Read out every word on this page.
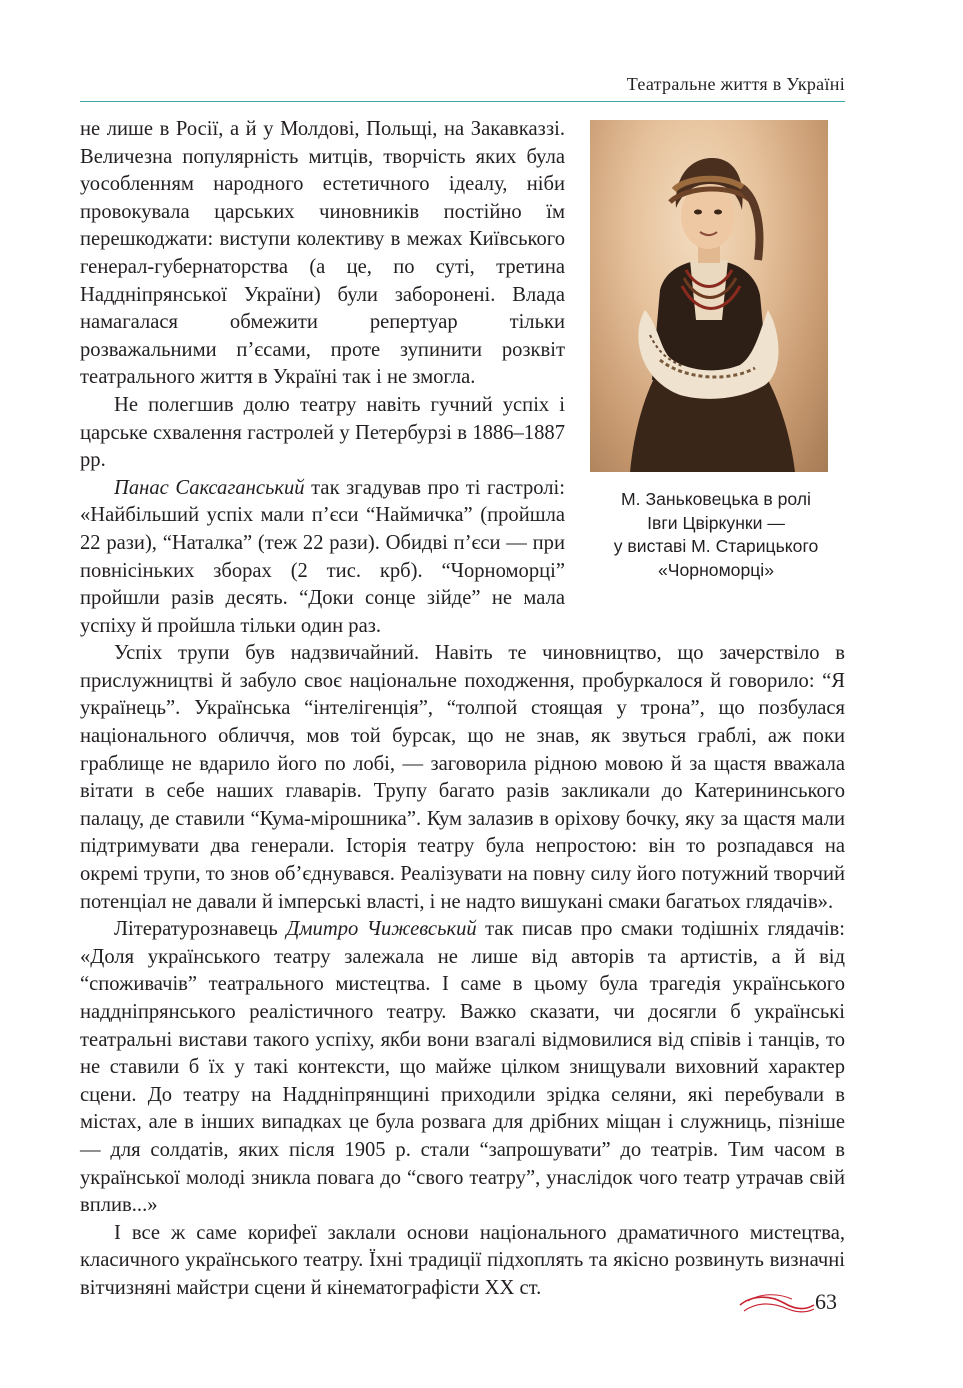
Театральне життя в Україні
М. Заньковецька в ролі
Івги Цвіркунки —
у виставі М. Старицького
«Чорноморці»

не лише в Росії, а й у Молдові, Польщі, на Закавказзі. Величезна популярність митців, творчість яких була уособленням народного естетичного ідеалу, ніби провокувала царських чиновників постійно їм перешкоджати: виступи колективу в межах Київського генерал-губернаторства (а це, по суті, третина Наддніпрянської України) були заборонені. Влада намагалася обмежити репертуар тільки розважальними п’єсами, проте зупинити розквіт театрального життя в Україні так і не змогла.

Не полегшив долю театру навіть гучний успіх і царське схвалення гастролей у Петербурзі в 1886–1887 рр.

Панас Саксаганський так згадував про ті гастролі: «Найбільший успіх мали п’єси “Наймичка” (пройшла 22 рази), “Наталка” (теж 22 рази). Обидві п’єси — при повнісіньких зборах (2 тис. крб). “Чорноморці” пройшли разів десять. “Доки сонце зійде” не мала успіху й пройшла тільки один раз.

Успіх трупи був надзвичайний. Навіть те чиновництво, що зачерствіло в прислужництві й забуло своє національне походження, пробуркалося й говорило: “Я українець”. Українська “інтелігенція”, “толпой стоящая у трона”, що позбулася національного обличчя, мов той бурсак, що не знав, як звуться граблі, аж поки граблище не вдарило його по лобі, — заговорила рідною мовою й за щастя вважала вітати в себе наших главарів. Трупу багато разів закликали до Катерининського палацу, де ставили “Кума-мірошника”. Кум залазив в оріхову бочку, яку за щастя мали підтримувати два генерали. Історія театру була непростою: він то розпадався на окремі трупи, то знов об’єднувався. Реалізувати на повну силу його потужний творчий потенціал не давали й імперські власті, і не надто вишукані смаки багатьох глядачів».

Літературознавець Дмитро Чижевський так писав про смаки тодішніх глядачів: «Доля українського театру залежала не лише від авторів та артистів, а й від “споживачів” театрального мистецтва. І саме в цьому була трагедія українського наддніпрянського реалістичного театру. Важко сказати, чи досягли б українські театральні вистави такого успіху, якби вони взагалі відмовилися від співів і танців, то не ставили б їх у такі контексти, що майже цілком знищували виховний характер сцени. До театру на Наддніпрянщині приходили зрідка селяни, які перебували в містах, але в інших випадках це була розвага для дрібних міщан і служниць, пізніше — для солдатів, яких після 1905 р. стали “запрошувати” до театрів. Тим часом в української молоді зникла повага до “свого театру”, унаслідок чого театр утрачав свій вплив...»

І все ж саме корифеї заклали основи національного драматичного мистецтва, класичного українського театру. Їхні традиції підхоплять та якісно розвинуть визначні вітчизняні майстри сцени й кінематографісти XX ст.

63
